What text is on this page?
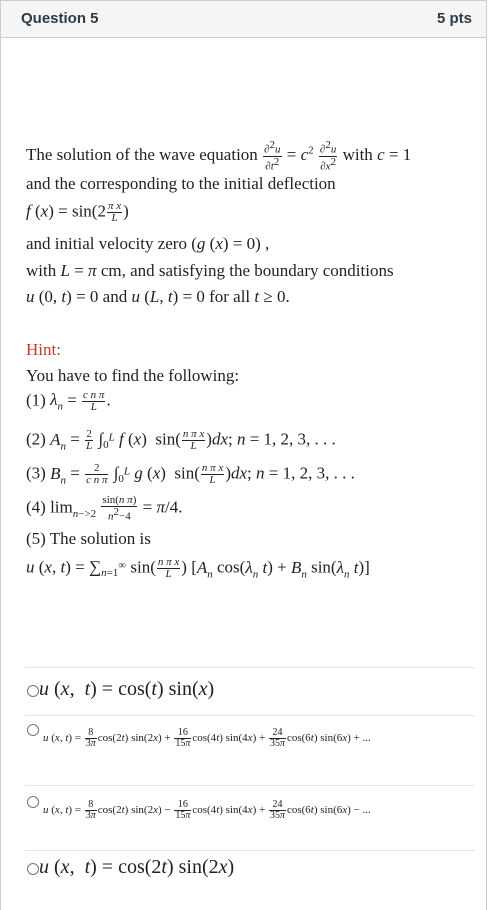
Question 5	5 pts
The solution of the wave equation $\frac{\partial^2u}{\partial t^2} = c^2 \frac{\partial^2u}{\partial x^2}$ with c = 1
and the corresponding to the initial deflection
f $(x) = \sin(2 \frac{\text{π x}}{L}$ )
and initial velocity zero (g (x) = 0) ,
with L = π cm, and satisfying the boundary conditions
u (0, t) = 0 and u (L, t) = 0 for all t ≥ 0.
Hint:
You have to find the following:
(1) $\lambda_n = \frac{\text{c n π}}{L}$ .
(2) $A_n = \frac{2}{L} \int_0^L$ f (x)  $\sin( \frac{\text{n π x}}{L} )dx$; n = 1, 2, 3, . . .
(3) $B_n = \frac{2}{\text{c n π}} \int_0^L$ g (x)  $\sin( \frac{\text{n π x}}{L} )dx$; n = 1, 2, 3, . . .
(4) $\lim_{n->2} \frac{\text{sin(n π)}}{n^2-4} = \pi/4$.
(5) The solution is
u (x, $t) = \sum_{n=1}^\infty$ $\sin( \frac{\text{n π x}}{L}$ ) [$A_n$ $\cos(\lambda_n$ $t) + B_n$ $\sin(\lambda_n$ t)]
u (x,  t) = cos(t) sin(x)
u (x, $t) = \frac{8}{3\pi} \cos(2t) \sin(2x) + \frac{16}{15\pi} \cos(4t) \sin(4x) + \frac{24}{35\pi} \cos(6t) \sin(6x)$ + ...
u (x, $t) = \frac{8}{3\pi} \cos(2t) \sin(2x) - \frac{16}{15\pi} \cos(4t) \sin(4x) + \frac{24}{35\pi} \cos(6t) \sin(6x)$ − ...
u (x,  t) = cos(2t) sin(2x)
